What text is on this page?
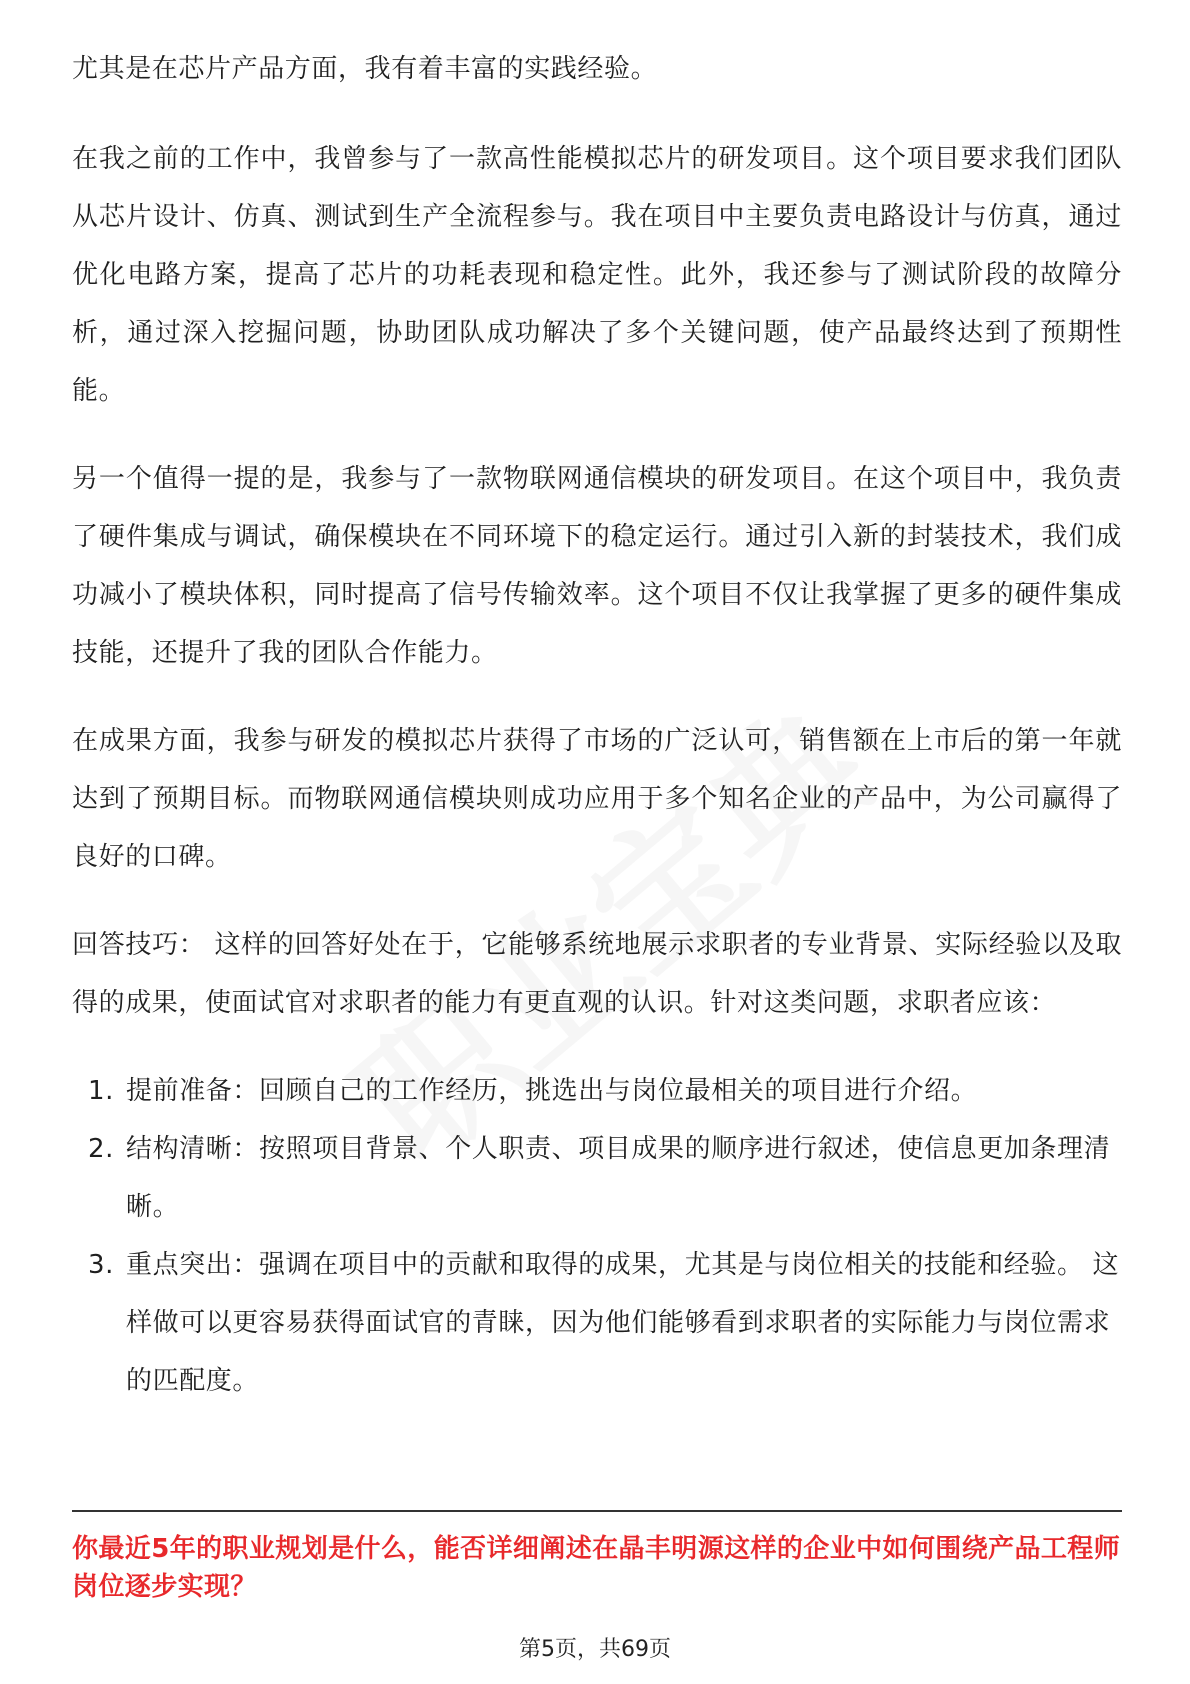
尤其是在芯片产品方面，我有着丰富的实践经验。

在我之前的工作中，我曾参与了一款高性能模拟芯片的研发项目。这个项目要求我们团队从芯片设计、仿真、测试到生产全流程参与。我在项目中主要负责电路设计与仿真，通过优化电路方案，提高了芯片的功耗表现和稳定性。此外，我还参与了测试阶段的故障分析，通过深入挖掘问题，协助团队成功解决了多个关键问题，使产品最终达到了预期性能。

另一个值得一提的是，我参与了一款物联网通信模块的研发项目。在这个项目中，我负责了硬件集成与调试，确保模块在不同环境下的稳定运行。通过引入新的封装技术，我们成功减小了模块体积，同时提高了信号传输效率。这个项目不仅让我掌握了更多的硬件集成技能，还提升了我的团队合作能力。

在成果方面，我参与研发的模拟芯片获得了市场的广泛认可，销售额在上市后的第一年就达到了预期目标。而物联网通信模块则成功应用于多个知名企业的产品中，为公司赢得了良好的口碑。

回答技巧： 这样的回答好处在于，它能够系统地展示求职者的专业背景、实际经验以及取得的成果，使面试官对求职者的能力有更直观的认识。针对这类问题，求职者应该：

1. 提前准备：回顾自己的工作经历，挑选出与岗位最相关的项目进行介绍。
2. 结构清晰：按照项目背景、个人职责、项目成果的顺序进行叙述，使信息更加条理清晰。
3. 重点突出：强调在项目中的贡献和取得的成果，尤其是与岗位相关的技能和经验。 这样做可以更容易获得面试官的青睐，因为他们能够看到求职者的实际能力与岗位需求的匹配度。
你最近5年的职业规划是什么，能否详细阐述在晶丰明源这样的企业中如何围绕产品工程师岗位逐步实现？
第5页，共69页
